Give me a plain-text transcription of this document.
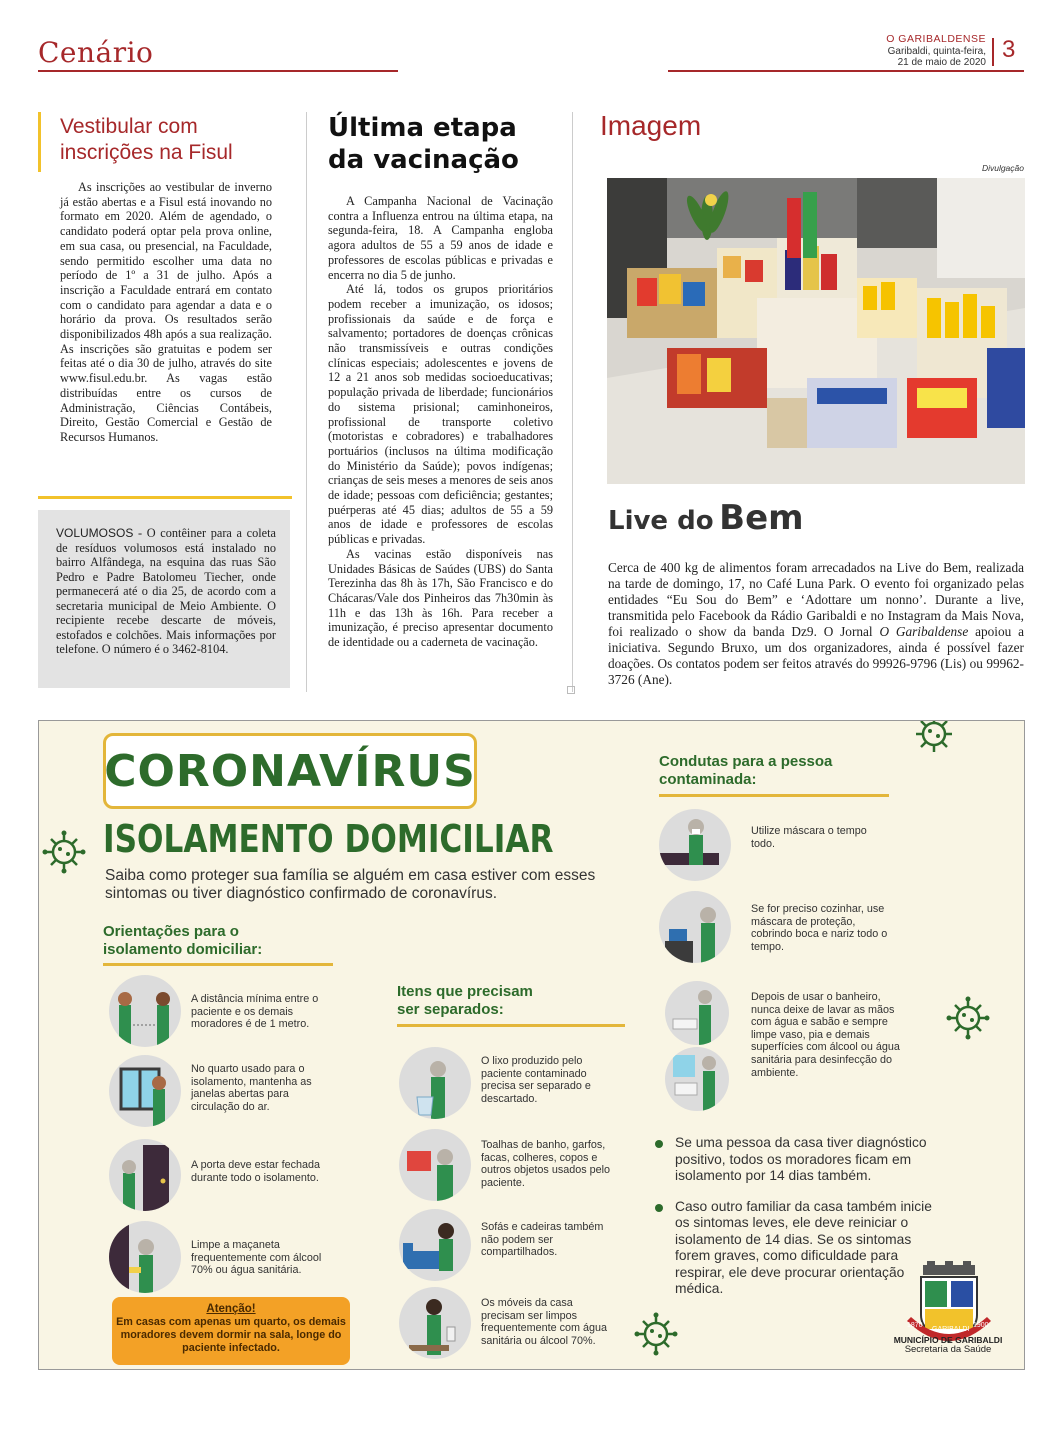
Cenário	O GARIBALDENSE
Garibaldi, quinta-feira,
21 de maio de 2020 3
Vestibular com inscrições na Fisul
As inscrições ao vestibular de inverno já estão abertas e a Fisul está inovando no formato em 2020. Além de agendado, o candidato poderá optar pela prova online, em sua casa, ou presencial, na Faculdade, sendo permitido escolher uma data no período de 1º a 31 de julho. Após a inscrição a Faculdade entrará em contato com o candidato para agendar a data e o horário da prova. Os resultados serão disponibilizados 48h após a sua realização. As inscrições são gratuitas e podem ser feitas até o dia 30 de julho, através do site www.fisul.edu.br. As vagas estão distribuídas entre os cursos de Administração, Ciências Contábeis, Direito, Gestão Comercial e Gestão de Recursos Humanos.
VOLUMOSOS - O contêiner para a coleta de resíduos volumosos está instalado no bairro Alfândega, na esquina das ruas São Pedro e Padre Batolomeu Tiecher, onde permanecerá até o dia 25, de acordo com a secretaria municipal de Meio Ambiente. O recipiente recebe descarte de móveis, estofados e colchões. Mais informações por telefone. O número é o 3462-8104.
Última etapa
da vacinação

A Campanha Nacional de Vacinação contra a Influenza entrou na última etapa, na segunda-feira, 18. A Campanha engloba agora adultos de 55 a 59 anos de idade e professores de escolas públicas e privadas e encerra no dia 5 de junho.

Até lá, todos os grupos prioritários podem receber a imunização, os idosos; profissionais da saúde e de força e salvamento; portadores de doenças crônicas não transmissíveis e outras condições clínicas especiais; adolescentes e jovens de 12 a 21 anos sob medidas socioeducativas; população privada de liberdade; funcionários do sistema prisional; caminhoneiros, profissional de transporte coletivo (motoristas e cobradores) e trabalhadores portuários (inclusos na última modificação do Ministério da Saúde); povos indígenas; crianças de seis meses a menores de seis anos de idade; pessoas com deficiência; gestantes; puérperas até 45 dias; adultos de 55 a 59 anos de idade e professores de escolas públicas e privadas.

As vacinas estão disponíveis nas Unidades Básicas de Saúdes (UBS) do Santa Terezinha das 8h às 17h, São Francisco e do Chácaras/Vale dos Pinheiros das 7h30min às 11h e das 13h às 16h. Para receber a imunização, é preciso apresentar documento de identidade ou a caderneta de vacinação.

Imagem
Divulgação
Live do Bem
Cerca de 400 kg de alimentos foram arrecadados na Live do Bem, realizada na tarde de domingo, 17, no Café Luna Park. O evento foi organizado pelas entidades “Eu Sou do Bem” e ‘Adottare um nonno’. Durante a live, transmitida pelo Facebook da Rádio Garibaldi e no Instagram da Mais Nova, foi realizado o show da banda Dz9. O Jornal O Garibaldense apoiou a iniciativa. Segundo Bruxo, um dos organizadores, ainda é possível fazer doações. Os contatos podem ser feitos através do 99926-9796 (Lis) ou 99962-3726 (Ane).
CORONAVÍRUS
ISOLAMENTO DOMICILIAR
Saiba como proteger sua família se alguém em casa estiver com esses sintomas ou tiver diagnóstico confirmado de coronavírus.
Orientações para o isolamento domiciliar:
A distância mínima entre o paciente e os demais moradores é de 1 metro.
No quarto usado para o isolamento, mantenha as janelas abertas para circulação do ar.
A porta deve estar fechada durante todo o isolamento.
Limpe a maçaneta frequentemente com álcool 70% ou água sanitária.
Atenção!
Em casas com apenas um quarto, os demais moradores devem dormir na sala, longe do paciente infectado.
Itens que precisam ser separados:
O lixo produzido pelo paciente contaminado precisa ser separado e descartado.
Toalhas de banho, garfos, facas, colheres, copos e outros objetos usados pelo paciente.
Sofás e cadeiras também não podem ser compartilhados.
Os móveis da casa precisam ser limpos frequentemente com água sanitária ou álcool 70%.
Condutas para a pessoa contaminada:
Utilize máscara o tempo todo.
Se for preciso cozinhar, use máscara de proteção, cobrindo boca e nariz todo o tempo.
Depois de usar o banheiro, nunca deixe de lavar as mãos com água e sabão e sempre limpe vaso, pia e demais superfícies com álcool ou água sanitária para desinfecção do ambiente.
Se uma pessoa da casa tiver diagnóstico positivo, todos os moradores ficam em isolamento por 14 dias também.
Caso outro familiar da casa também inicie os sintomas leves, ele deve reiniciar o isolamento de 14 dias. Se os sintomas forem graves, como dificuldade para respirar, ele deve procurar orientação médica.
1870
GARIBALDI
1900
MUNICÍPIO DE GARIBALDI
Secretaria da Saúde
